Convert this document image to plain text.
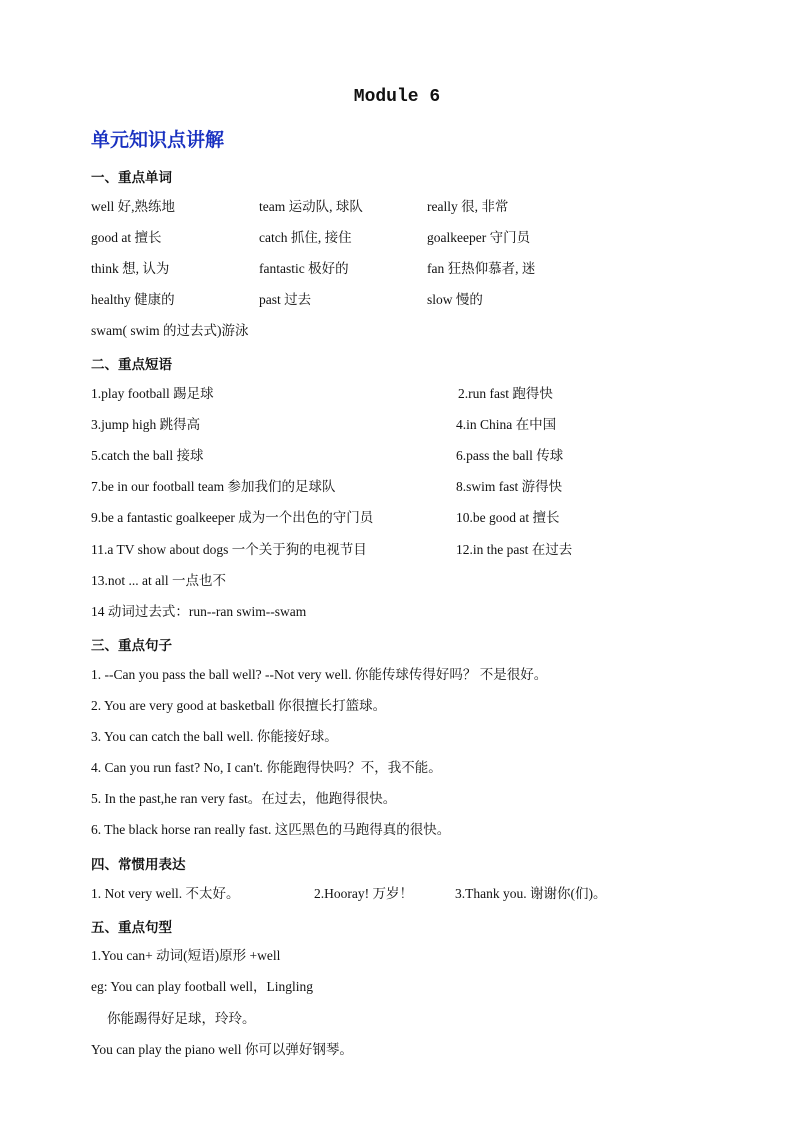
Module 6
单元知识点讲解
一、重点单词
well 好,熟练地	team 运动队, 球队	really 很, 非常
good at 擅长	catch 抓住, 接住	goalkeeper 守门员
think 想, 认为	fantastic 极好的	fan 狂热仰慕者, 迷
healthy 健康的	past 过去	slow 慢的
swam( swim 的过去式)游泳
二、重点短语
1.play football 踢足球	2.run fast 跑得快
3.jump high 跳得高	4.in China 在中国
5.catch the ball 接球	6.pass the ball 传球
7.be in our football team 参加我们的足球队	8.swim fast 游得快
9.be a fantastic goalkeeper 成为一个出色的守门员	10.be good at 擅长
11.a TV show about dogs 一个关于狗的电视节目	12.in the past 在过去
13.not ... at all 一点也不
14 动词过去式：run--ran swim--swam
三、重点句子
1. --Can you pass the ball well? --Not very well. 你能传球传得好吗？ 不是很好。
2. You are very good at basketball 你很擅长打篮球。
3. You can catch the ball well. 你能接好球。
4. Can you run fast? No, I can't. 你能跑得快吗？不，我不能。
5. In the past,he ran very fast。在过去，他跑得很快。
6. The black horse ran really fast. 这匹黑色的马跑得真的很快。
四、常惯用表达
1. Not very well. 不太好。	2.Hooray! 万岁！	3.Thank you. 谢谢你(们)。
五、重点句型
1.You can+ 动词(短语)原形 +well
eg: You can play football well，Lingling
你能踢得好足球，玲玲。
You can play the piano well 你可以弹好钢琴。
